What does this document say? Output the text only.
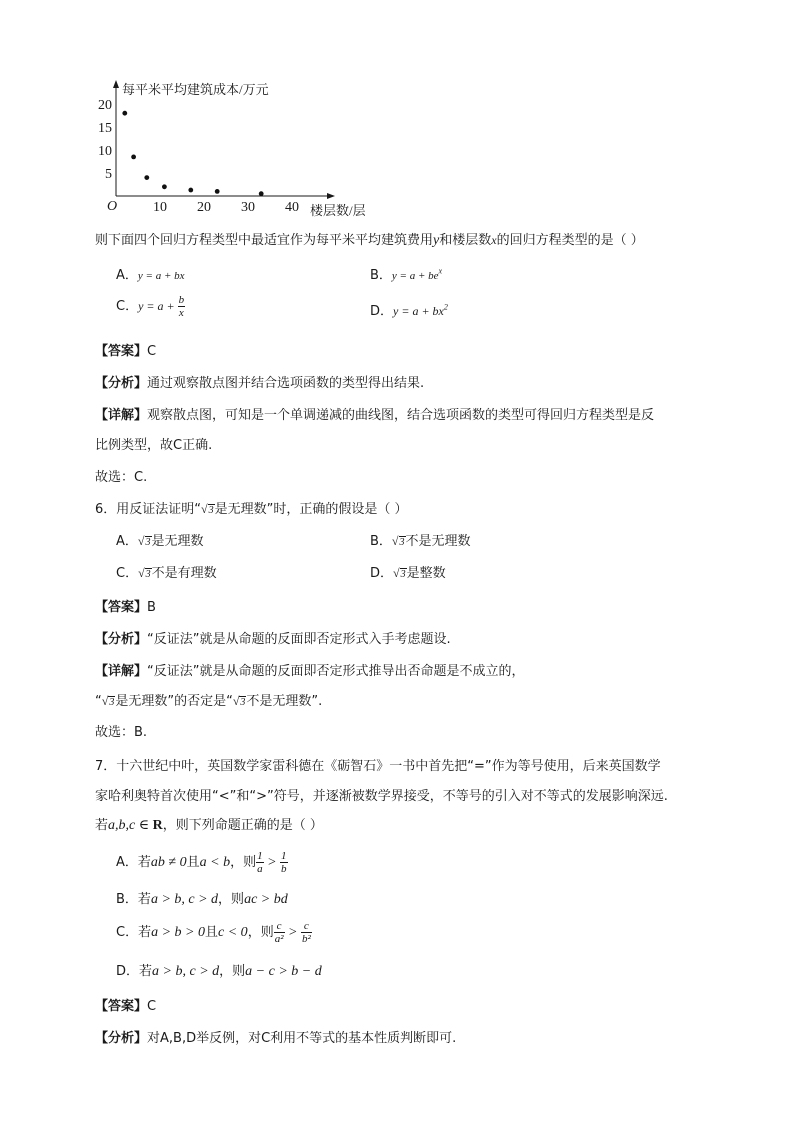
每平米平均建筑成本/万元
楼层数/层
O
5
10
15
20
10 20 30 40
则下面四个回归方程类型中最适宜作为每平米平均建筑费用y和楼层数x的回归方程类型的是（ ）
A．y = a + bx	B．$y = a + be^x$
C．$y = a + \frac{b}{x}$	D．$y = a + bx^2$
【答案】C
【分析】通过观察散点图并结合选项函数的类型得出结果.
【详解】观察散点图，可知是一个单调递减的曲线图，结合选项函数的类型可得回归方程类型是反
比例类型，故C正确.
故选：C.
6．用反证法证明“√3是无理数”时，正确的假设是（ ）
A．√3是无理数	B．√3不是无理数
C．√3不是有理数	D．√3是整数
【答案】B
【分析】“反证法”就是从命题的反面即否定形式入手考虑题设.
【详解】“反证法”就是从命题的反面即否定形式推导出否命题是不成立的，
“√3是无理数”的否定是“√3不是无理数”.
故选：B.
7．十六世纪中叶，英国数学家雷科德在《砺智石》一书中首先把“=”作为等号使用，后来英国数学
家哈利奥特首次使用“<”和“>”符号，并逐渐被数学界接受，不等号的引入对不等式的发展影响深远.
若a,b,c ∈ R，则下列命题正确的是（ ）
A．若ab ≠ 0且a < b，则 $\frac{1}{a} > \frac{1}{b}$
B．若a > b, c > d，则ac > bd
C．若a > b > 0且c < 0，则 $\frac{c}{\text{a²}} > \frac{c}{\text{b²}}$
D．若a > b, c > d，则a − c > b − d
【答案】C
【分析】对A,B,D举反例，对C利用不等式的基本性质判断即可.
